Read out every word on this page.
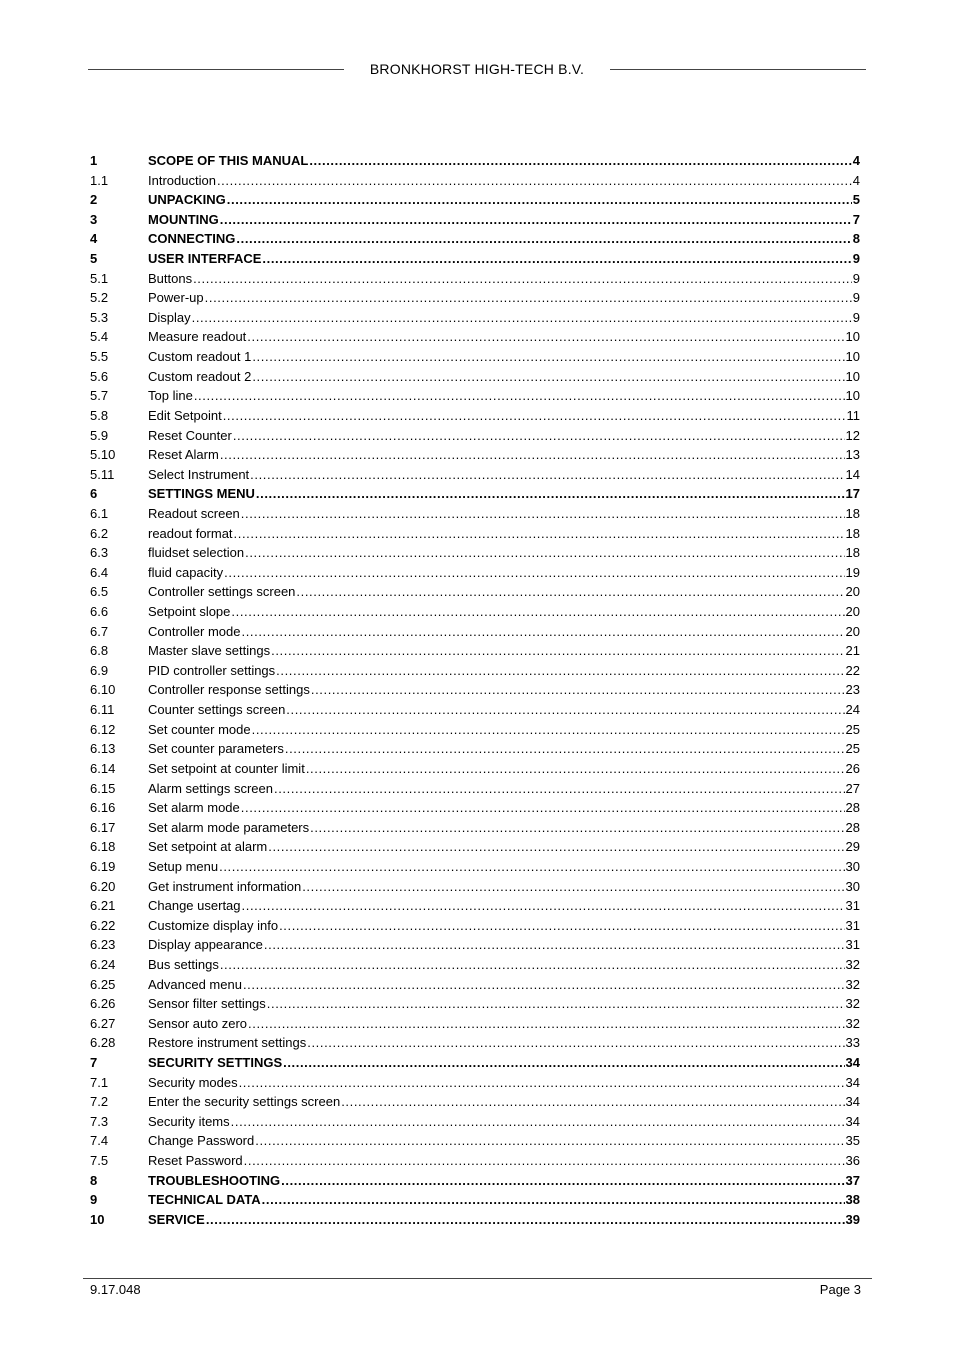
BRONKHORST HIGH-TECH B.V.
1	SCOPE OF THIS MANUAL .....	4
1.1	Introduction .....	4
2	UNPACKING .....	5
3	MOUNTING .....	7
4	CONNECTING .....	8
5	USER INTERFACE .....	9
5.1	Buttons .....	9
5.2	Power-up .....	9
5.3	Display .....	9
5.4	Measure readout .....	10
5.5	Custom readout 1 .....	10
5.6	Custom readout 2 .....	10
5.7	Top line .....	10
5.8	Edit Setpoint .....	11
5.9	Reset Counter .....	12
5.10	Reset Alarm .....	13
5.11	Select Instrument .....	14
6	SETTINGS MENU .....	17
6.1	Readout screen .....	18
6.2	readout format .....	18
6.3	fluidset selection .....	18
6.4	fluid capacity .....	19
6.5	Controller settings screen .....	20
6.6	Setpoint slope .....	20
6.7	Controller mode .....	20
6.8	Master slave settings .....	21
6.9	PID controller settings .....	22
6.10	Controller response settings .....	23
6.11	Counter settings screen .....	24
6.12	Set counter mode .....	25
6.13	Set counter parameters .....	25
6.14	Set setpoint at counter limit .....	26
6.15	Alarm settings screen .....	27
6.16	Set alarm mode .....	28
6.17	Set alarm mode parameters .....	28
6.18	Set setpoint at alarm .....	29
6.19	Setup menu .....	30
6.20	Get instrument information .....	30
6.21	Change usertag .....	31
6.22	Customize display info .....	31
6.23	Display appearance .....	31
6.24	Bus settings .....	32
6.25	Advanced menu .....	32
6.26	Sensor filter settings .....	32
6.27	Sensor auto zero .....	32
6.28	Restore instrument settings .....	33
7	SECURITY SETTINGS .....	34
7.1	Security modes .....	34
7.2	Enter the security settings screen .....	34
7.3	Security items .....	34
7.4	Change Password .....	35
7.5	Reset Password .....	36
8	TROUBLESHOOTING .....	37
9	TECHNICAL DATA .....	38
10	SERVICE .....	39
9.17.048	Page 3
